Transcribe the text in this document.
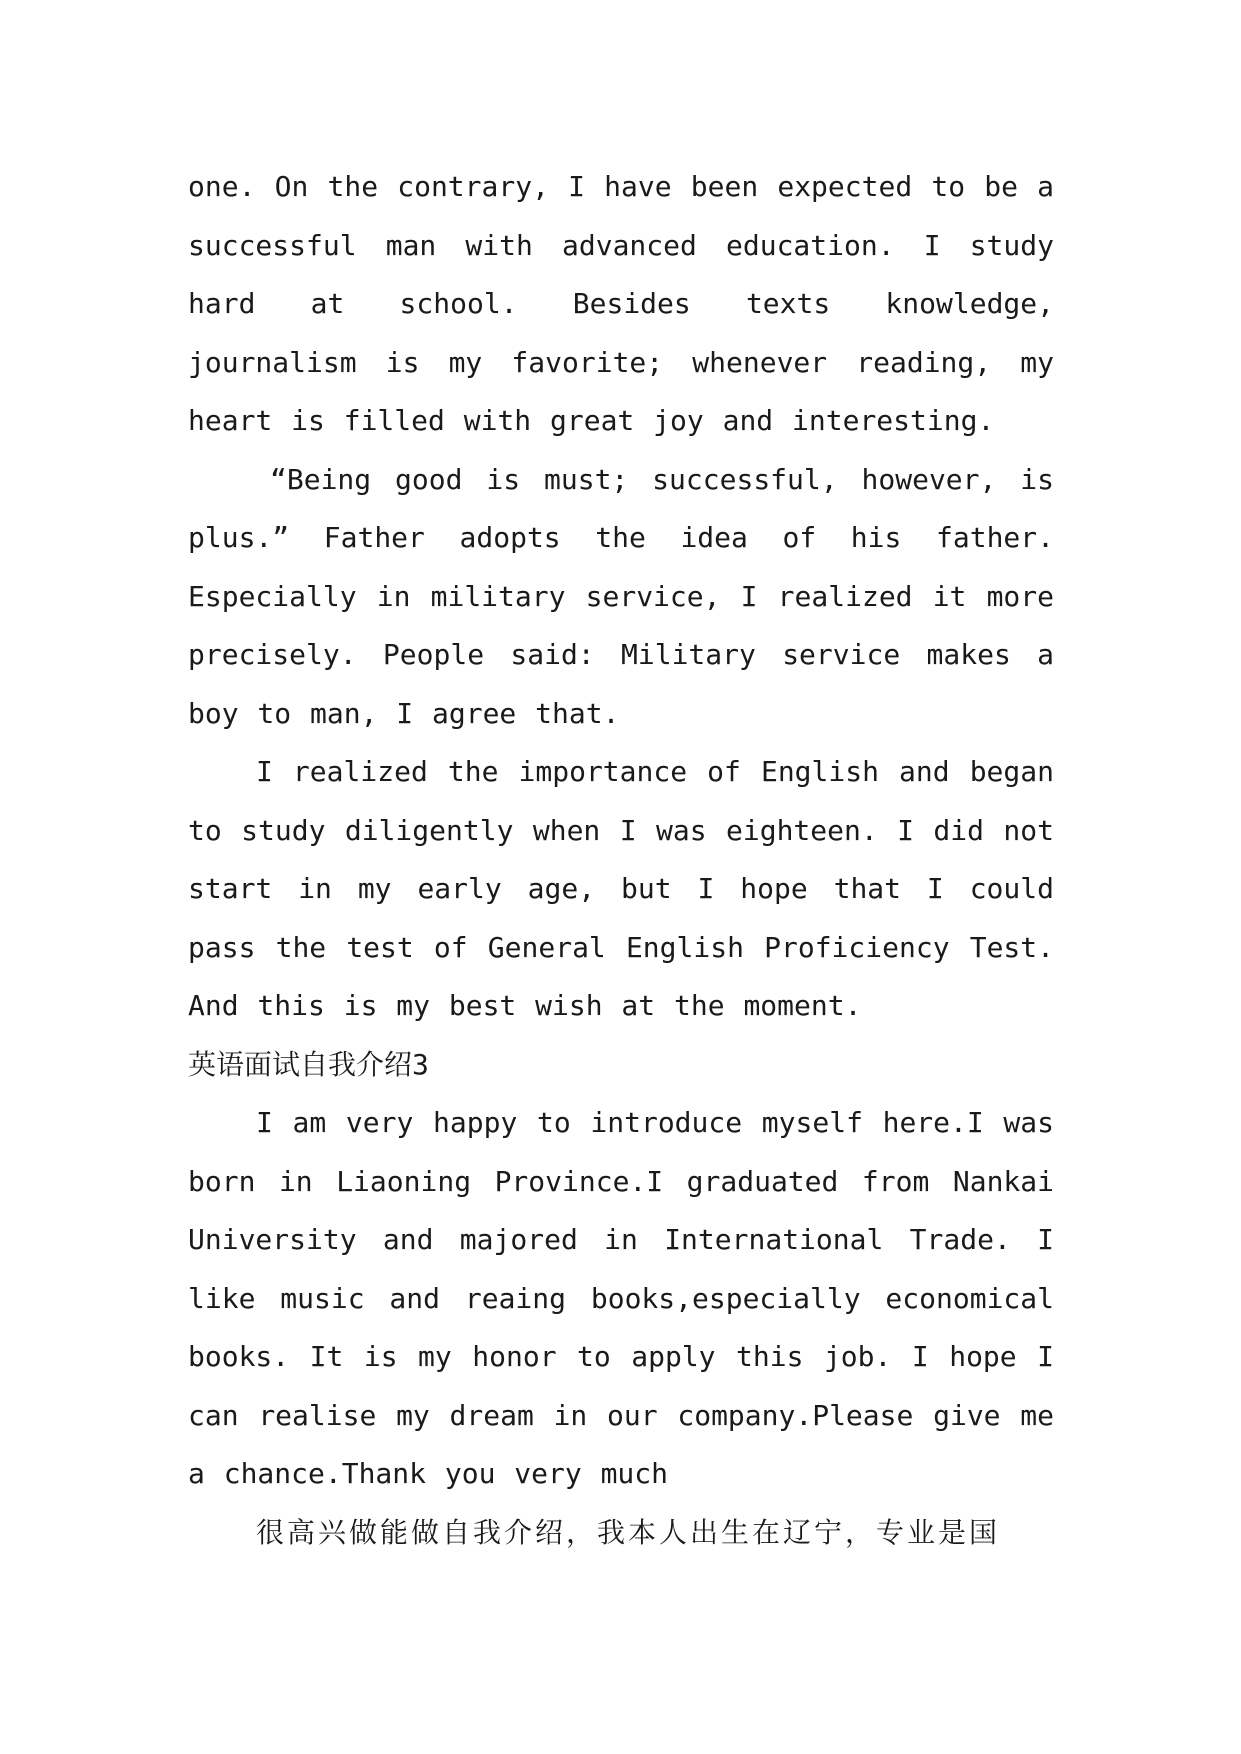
one. On the contrary, I have been expected to be a successful man with advanced education. I study hard at school. Besides texts knowledge, journalism is my favorite; whenever reading, my heart is filled with great joy and interesting.

“Being good is must; successful, however, is plus.” Father adopts the idea of his father. Especially in military service, I realized it more precisely. People said: Military service makes a boy to man, I agree that.

I realized the importance of English and began to study diligently when I was eighteen. I did not start in my early age, but I hope that I could pass the test of General English Proficiency Test. And this is my best wish at the moment.

英语面试自我介绍3

I am very happy to introduce myself here.I was born in Liaoning Province.I graduated from Nankai University and majored in International Trade. I like music and reaing books,especially economical books. It is my honor to apply this job. I hope I can realise my dream in our company.Please give me a chance.Thank you very much

很高兴做能做自我介绍，我本人出生在辽宁，专业是国
